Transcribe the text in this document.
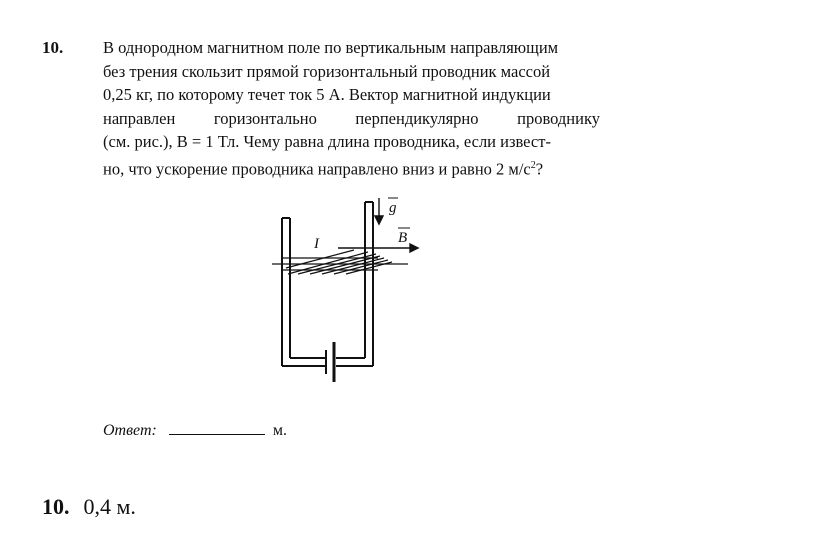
10. В однородном магнитном поле по вертикальным направляющим
без трения скользит прямой горизонтальный проводник массой
0,25 кг, по которому течет ток 5 А. Вектор магнитной индукции
направлен горизонтально перпендикулярно проводнику
(см. рис.), B = 1 Тл. Чему равна длина проводника, если извест-
но, что ускорение проводника направлено вниз и равно 2 $м/с^2$?
g
B
I
Ответ:	м.
10. 0,4 м.
